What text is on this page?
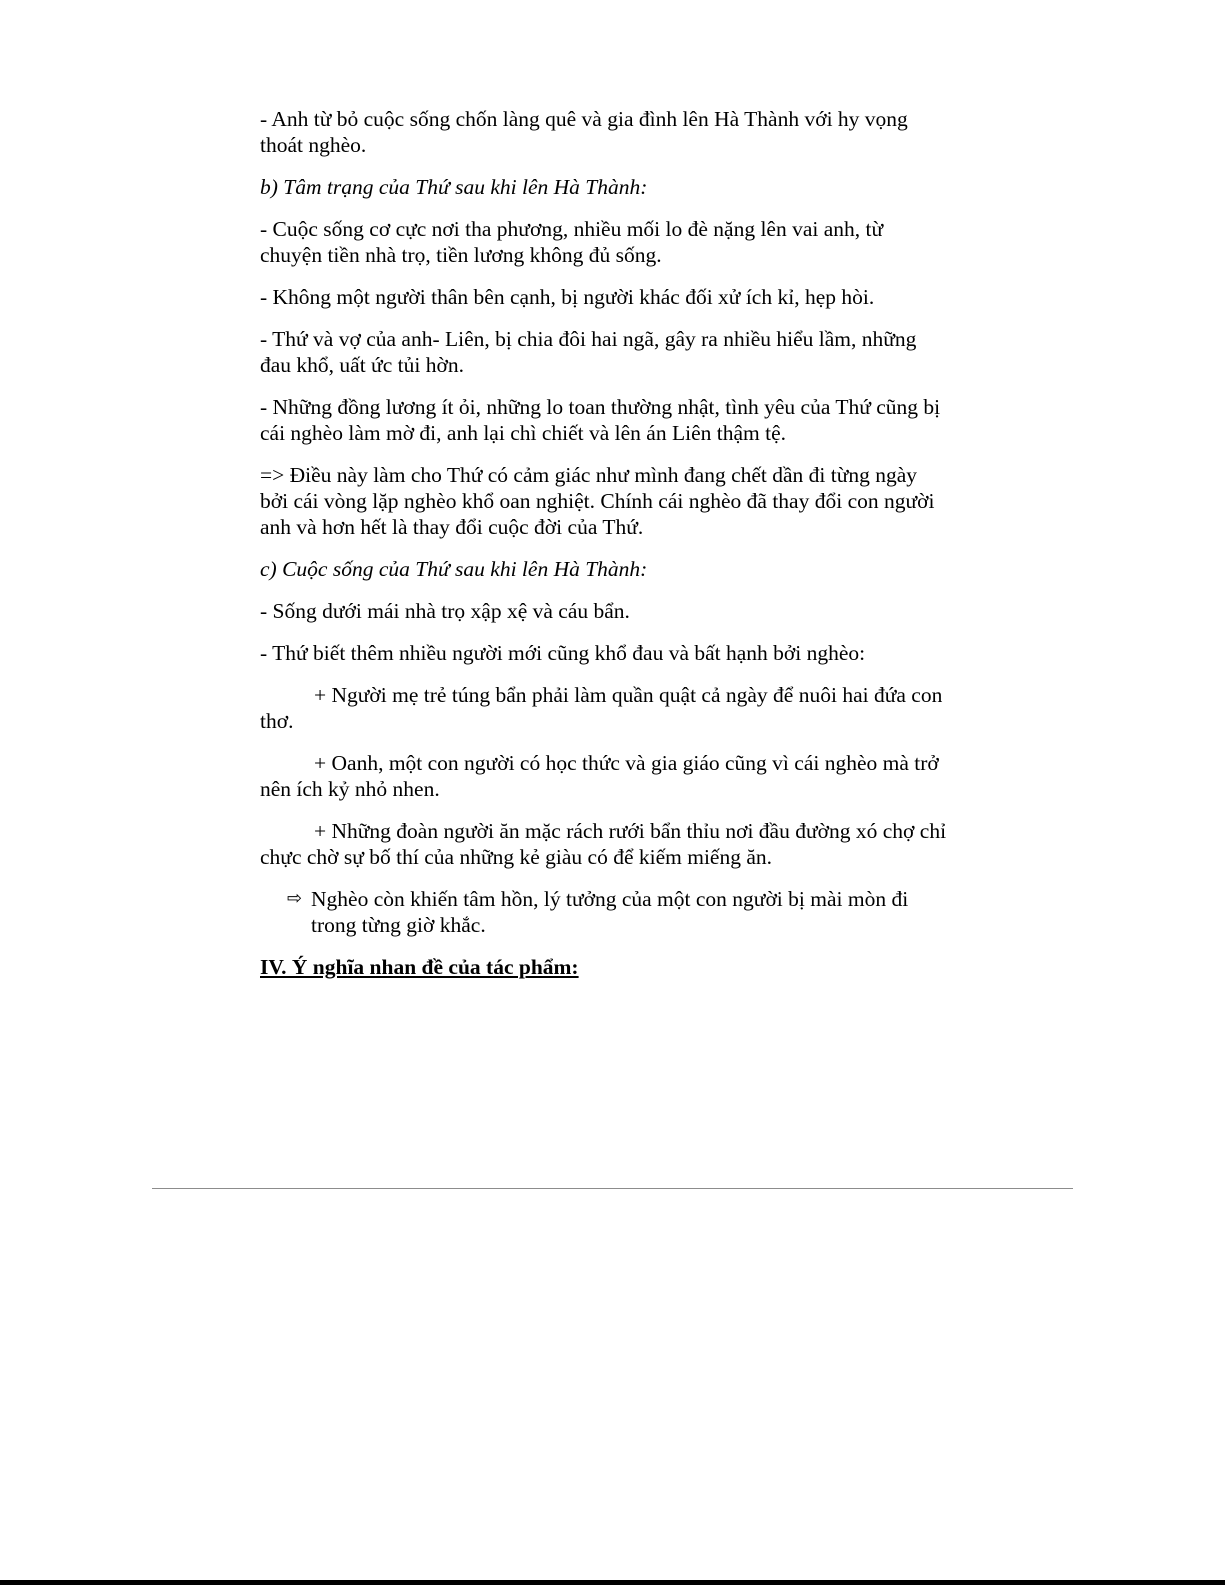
- Anh từ bỏ cuộc sống chốn làng quê và gia đình lên Hà Thành với hy vọng thoát nghèo.

b) Tâm trạng của Thứ sau khi lên Hà Thành:

- Cuộc sống cơ cực nơi tha phương, nhiều mối lo đè nặng lên vai anh, từ chuyện tiền nhà trọ, tiền lương không đủ sống.

- Không một người thân bên cạnh, bị người khác đối xử ích kỉ, hẹp hòi.

- Thứ và vợ của anh- Liên, bị chia đôi hai ngã, gây ra nhiều hiểu lầm, những đau khổ, uất ức tủi hờn.

- Những đồng lương ít ỏi, những lo toan thường nhật, tình yêu của Thứ cũng bị cái nghèo làm mờ đi, anh lại chì chiết và lên án Liên thậm tệ.

=> Điều này làm cho Thứ có cảm giác như mình đang chết dần đi từng ngày bởi cái vòng lặp nghèo khổ oan nghiệt. Chính cái nghèo đã thay đổi con người anh và hơn hết là thay đổi cuộc đời của Thứ.

c) Cuộc sống của Thứ sau khi lên Hà Thành:

- Sống dưới mái nhà trọ xập xệ và cáu bẩn.

- Thứ biết thêm nhiều người mới cũng khổ đau và bất hạnh bởi nghèo:

+ Người mẹ trẻ túng bẩn phải làm quần quật cả ngày để nuôi hai đứa con thơ.

+ Oanh, một con người có học thức và gia giáo cũng vì cái nghèo mà trở nên ích kỷ nhỏ nhen.

+ Những đoàn người ăn mặc rách rưới bẩn thỉu nơi đầu đường xó chợ chỉ chực chờ sự bố thí của những kẻ giàu có để kiếm miếng ăn.

⇨ Nghèo còn khiến tâm hồn, lý tưởng của một con người bị mài mòn đi trong từng giờ khắc.

IV. Ý nghĩa nhan đề của tác phẩm:
